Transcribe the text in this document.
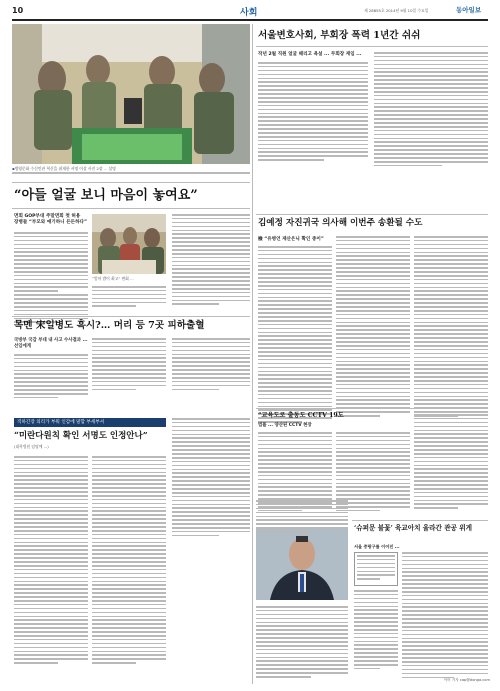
10	사회	제 28855호 2014년 9월 10일 수요일	동아일보
▪병영문화 수신민관 혁신을 취재한 서명 이상 사진 2장 ... 설명
“아들 얼굴 보니 마음이 놓여요”
면회 GOP부대 주말면회 첫 허용
장병들 “부모와 얘기하니 든든하다”
“엄마 밥이 최고” 면회 ...
목멘 宋일병도 흑시?… 머리 등 7곳 피하출혈
국방부 국감 부대 내 사고 수사결과 ... 선임에게
직하긴장 의리가 부워 인감에 말합 부세부셔
“미란다원칙 확인 서명도 인정안나”
(대학병원 임명예 ...)
서울변호사회, 부회장 폭력 1년간 쉬쉬
작년 2월 직원 얼굴 때리고 욕설 ... 무회장 재임 ...
김예정 자진귀국 의사해 이번주 송환될 수도
檢 “유병언 재산은닉 확인 중이”
“교육도로 출동도 CCTV 19도
법률 ... 양산된 CCTV 현장
‘슈퍼문 불꽃’ 육교아치 울라간 관공 위게
서울 중랑구를 이어진 ...
이어 기자 cap@donga.com
